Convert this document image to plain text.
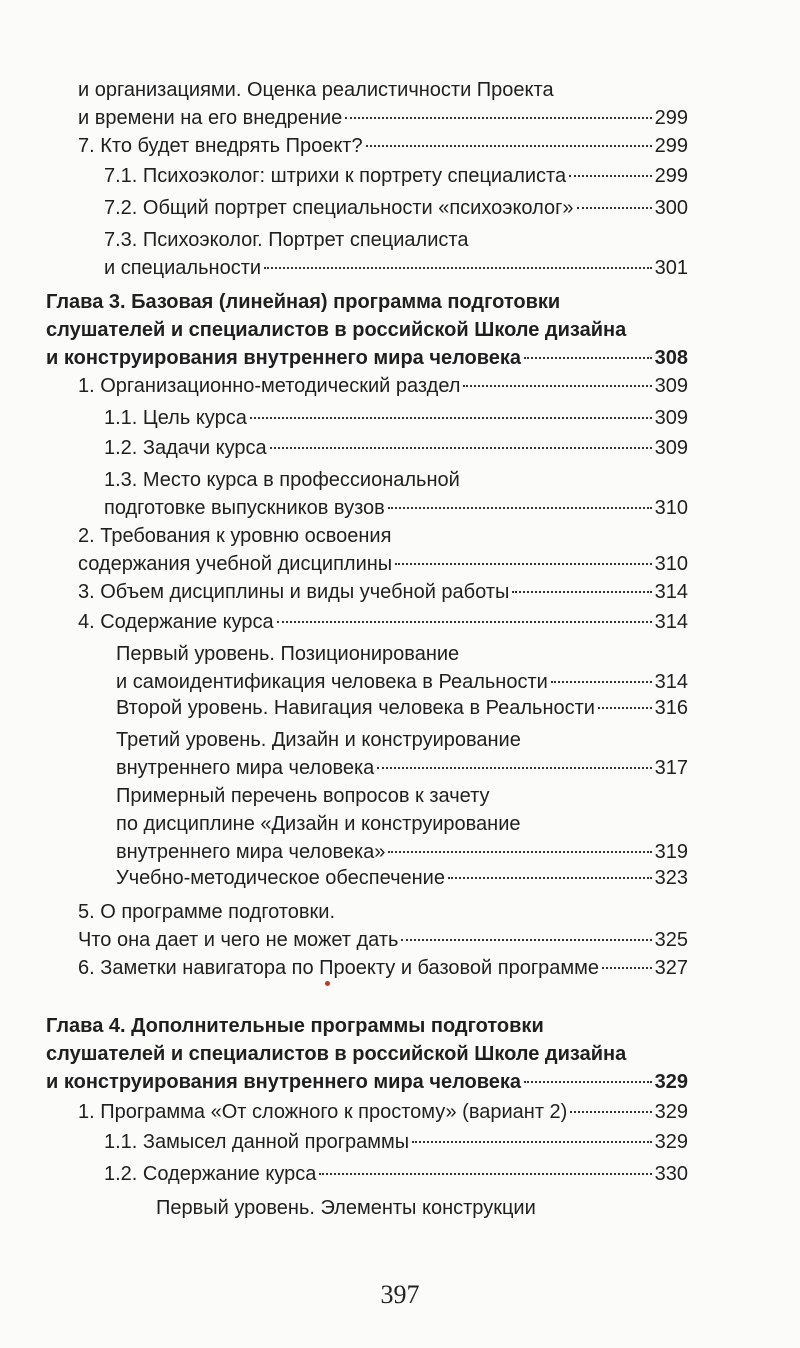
и организациями. Оценка реалистичности Проекта
и времени на его внедрение	299
7. Кто будет внедрять Проект?	299
7.1. Психоэколог: штрихи к портрету специалиста	299
7.2. Общий портрет специальности «психоэколог»	300
7.3. Психоэколог. Портрет специалиста
и специальности	301
Глава 3. Базовая (линейная) программа подготовки
слушателей и специалистов в российской Школе дизайна
и конструирования внутреннего мира человека	308
1. Организационно-методический раздел	309
1.1. Цель курса	309
1.2. Задачи курса	309
1.3. Место курса в профессиональной
подготовке выпускников вузов	310
2. Требования к уровню освоения
содержания учебной дисциплины	310
3. Объем дисциплины и виды учебной работы	314
4. Содержание курса	314
Первый уровень. Позиционирование
и самоидентификация человека в Реальности	314
Второй уровень. Навигация человека в Реальности	316
Третий уровень. Дизайн и конструирование
внутреннего мира человека	317
Примерный перечень вопросов к зачету
по дисциплине «Дизайн и конструирование
внутреннего мира человека»	319
Учебно-методическое обеспечение	323
5. О программе подготовки.
Что она дает и чего не может дать	325
6. Заметки навигатора по Проекту и базовой программе	327
Глава 4. Дополнительные программы подготовки
слушателей и специалистов в российской Школе дизайна
и конструирования внутреннего мира человека	329
1. Программа «От сложного к простому» (вариант 2)	329
1.1. Замысел данной программы	329
1.2. Содержание курса	330
Первый уровень. Элементы конструкции
397
